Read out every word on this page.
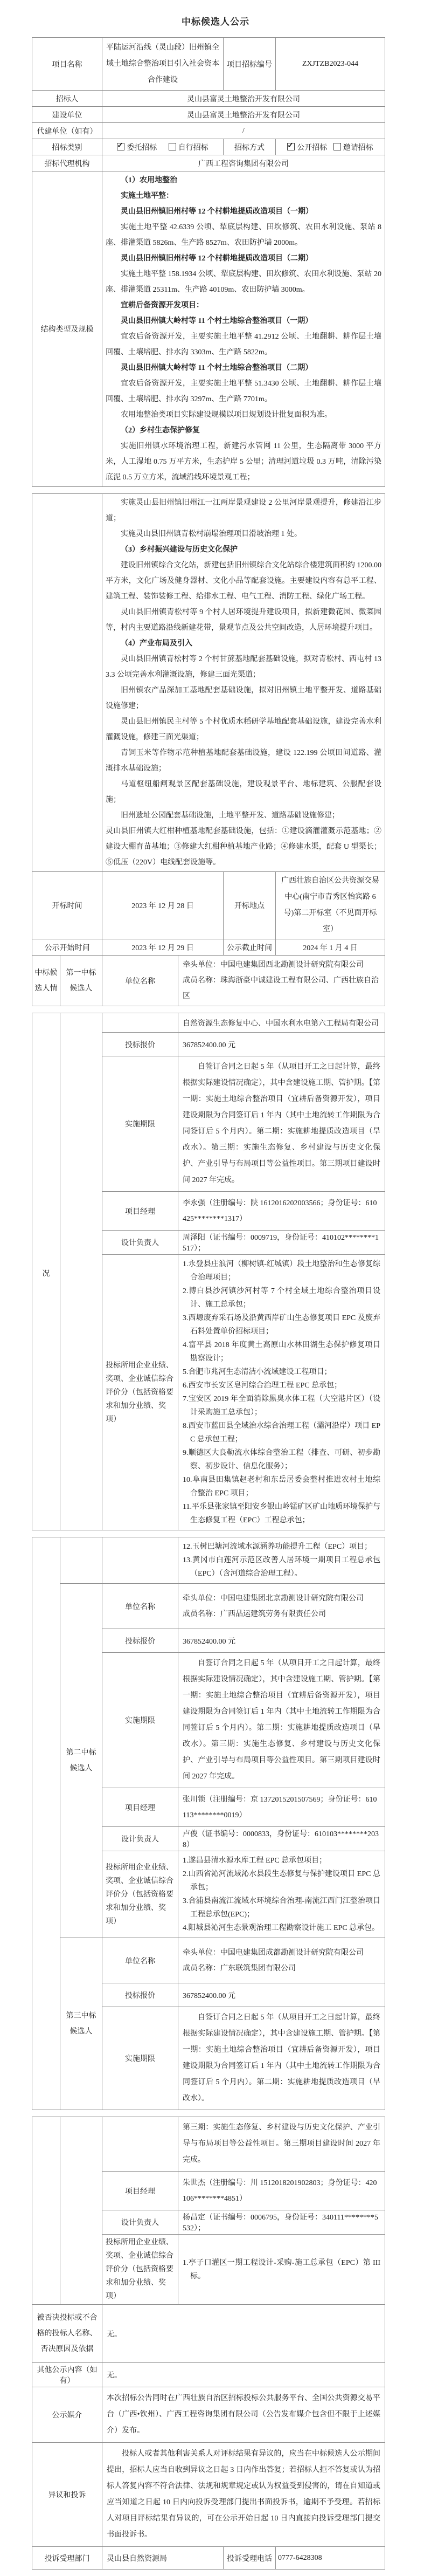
中标候选人公示
项目名称	平陆运河沿线（灵山段）旧州镇全域土地综合整治项目引入社会资本合作建设	项目招标编号	ZXJTZB2023-044
招标人	灵山县富灵土地整治开发有限公司		
建设单位	灵山县富灵土地整治开发有限公司		
代建单位（如有）	/		
招标类别	✓委托招标 自行招标	招标方式	✓公开招标 邀请招标
招标代理机构	广西工程咨询集团有限公司		
结构类型及规模	
（1）农用地整治
实施土地平整：
灵山县旧州镇旧州村等 12 个村耕地提质改造项目（一期）
实施土地平整 42.6339 公顷、犁底层构建、田坎修筑、农田水利设施、泵站 8 座、排灌渠道 5826m、生产路 8527m、农田防护墙 2000m。
灵山县旧州镇旧州村等 12 个村耕地提质改造项目（二期）
实施土地平整 158.1934 公顷、犁底层构建、田坎修筑、农田水利设施、泵站 20 座、排灌渠道 25311m、生产路 40109m、农田防护墙 3000m。
宜耕后备资源开发项目：
灵山县旧州镇大岭村等 11 个村土地综合整治项目（一期）
宜农后备资源开发，主要实施土地平整 41.2912 公顷、土地翻耕、耕作层土壤回覆、土壤培肥、排水沟 3303m、生产路 5822m。
灵山县旧州镇大岭村等 11 个村土地综合整治项目（二期）
宜农后备资源开发，主要实施土地平整 51.3430 公顷、土地翻耕、耕作层土壤回覆、土壤培肥、排水沟 3297m、生产路 7701m。
农用地整治类项目实际建设规模以项目规划设计批复面积为准。
（2）乡村生态保护修复
实施旧州镇水环境治理工程，新建污水管网 11 公里，生态隔离带 3000 平方米，人工湿地 0.75 万平方米，生态护岸 5 公里；清理河道垃圾 0.3 万吨，清除污染底泥 0.5 万立方米，流域沿线环境景观工程；

实施灵山县旧州镇旧州江一江两岸景观建设 2 公里河岸景观提升，修建沿江步道；
实施灵山县旧州镇青松村崩塌治理项目滑坡治理 1 处。
（3）乡村振兴建设与历史文化保护
建设旧州镇综合文化站，新建包括旧州镇综合文化站综合楼建筑面积约 1200.00 平方米，文化广场及健身器材、文化小品等配套设施。主要建设内容有总平工程、建筑工程、装饰装修工程、给排水工程、电气工程、消防工程、绿化广场工程。
灵山县旧州镇青松村等 9 个村人居环境提升建设项目，拟新建微花园、微菜园等，村内主要道路沿线新建花带，景观节点及公共空间改造，人居环境提升项目。
（4）产业布局及引入
灵山县旧州镇青松村等 2 个村甘蔗基地配套基础设施，拟对青松村、西屯村 133.3 公顷完善水利灌溉设施，修建三面光渠道；
旧州镇农产品深加工基地配套基础设施，拟对旧州镇土地平整开发、道路基础设施修建；
灵山县旧州镇民主村等 5 个村优质水稻研学基地配套基础设施，建设完善水利灌溉设施，修建三面光渠道；
青饲玉米等作物示范种植基地配套基础设施，建设 122.199 公顷田间道路、灌溉排水基础设施；
马道枢纽船闸观景区配套基础设施，建设观景平台、地标建筑、公服配套设施；
旧州遗址公园配套基础设施，土地平整开发、道路基础设施修建；
灵山县旧州镇大红柑种植基地配套基础设施，包括：①建设滴灌灌溉示范基地；②建设大棚育苗基地；③修建大红柑种植基地产业路；④修建水渠，配套 U 型渠长；⑤低压（220V）电线配套设施等。

开标时间		2023 年 12 月 28 日		开标地点	广西壮族自治区公共资源交易中心(南宁市青秀区怡宾路 6 号)第二开标室（不见面开标室）
公示开始时间		2023 年 12 月 29 日		公示截止时间	2024 年 1 月 4 日
中标候选人情	第一中标候选人	单位名称	牵头单位：中国电建集团西北勘测设计研究院有限公司
成员名称：珠海浙豪中诚建设工程有限公司、广西壮族自治区		
况			自然资源生态修复中心、中国水利水电第六工程局有限公司
		投标报价	367852400.00 元
		实施期限	自签订合同之日起 5 年（从项目开工之日起计算，最终根据实际建设情况确定），其中含建设施工期、管护期。【第一期：实施土地综合整治项目（宜耕后备资源开发），项目建设期限为合同签订后 1 年内（其中土地流转工作期限为合同签订后 5 个月内）。第二期：实施耕地提质改造项目（旱改水）。第三期：实施生态修复、乡村建设与历史文化保护、产业引导与布局项目等公益性项目。第三期项目建设时间 2027 年完成。
		项目经理	李永强（注册编号：陕 1612016202003566；身份证号：610425********1317）
		设计负责人	周泽阳（证书编号：0009719，身份证号：410102********1517）；
投标所用企业业绩、奖项、企业诚信综合评价分（包括资格要求和加分业绩、奖项）	
1.永登县庄浪河（柳树镇-红城镇）段土地整治和生态修复综合治理项目；
2.博白县沙河镇沙河村等 7 个村全域土地综合整治项目设计、施工总承包；
3.西塬废弃采石场及沿黄西岸矿山生态修复项目 EPC 及废弃石料处置单价招标项目；
4.富平县 2018 年度黄土高原山水林田湖生态保护修复项目勘察设计；
5.合肥市兆河生态清洁小流域建设工程项目；
6.西安市长安区皂河综合治理工程 EPC 总承包；
7.宝安区 2019 年全面消除黑臭水体工程（大空港片区）（设计采购施工总承包）；
8.西安市蓝田县全域治水综合治理工程（灞河沿岸）项目 EPC 总承包工程；
9.顺德区大良勒流水体综合整治工程（排查、可研、初步勘察、初步设计、信息化服务）；
10.阜南县田集镇赵老村和东岳居委会整村推进农村土地综合整治 EPC 项目；
11.平乐县张家镇至阳安乡银山岭锰矿区矿山地质环境保护与生态修复工程（EPC）工程总承包；

			12.玉树巴塘河流域水源涵养功能提升工程（EPC）项目；
13.黄冈市白莲河示范区改善人居环境一期项目工程总承包（EPC）（含河道综合治理工程）。

	第二中标候选人	单位名称	牵头单位：中国电建集团北京勘测设计研究院有限公司
成员名称：广西品运建筑劳务有限责任公司

		投标报价	367852400.00 元
		实施期限	自签订合同之日起 5 年（从项目开工之日起计算，最终根据实际建设情况确定），其中含建设施工期、管护期。【第一期：实施土地综合整治项目（宜耕后备资源开发），项目建设期限为合同签订后 1 年内（其中土地流转工作期限为合同签订后 5 个月内）。第二期：实施耕地提质改造项目（旱改水）。第三期：实施生态修复、乡村建设与历史文化保护、产业引导与布局项目等公益性项目。第三期项目建设时间 2027 年完成。
		项目经理	张川锁（注册编号：京 1372015201507569；身份证号：610113********0019）
		设计负责人	卢俊（证书编号：0000833，身份证号：610103********2038）
		投标所用企业业绩、奖项、企业诚信综合评价分（包括资格要求和加分业绩、奖项）	1.遂昌县清水源水库工程 EPC 总承包项目；
2.山西省沁河流域沁水县段生态修复与保护建设项目 EPC 总承包；
3.合浦县南流江流域水环境综合治理-南流江西门江整治项目工程总承包(EPC)；
4.阳城县沁河生态景观治理工程勘察设计施工 EPC 总承包。

	第三中标候选人	单位名称	牵头单位：中国电建集团成都勘测设计研究院有限公司
成员名称：广东联筑集团有限公司

		投标报价	367852400.00 元
		实施期限	自签订合同之日起 5 年（从项目开工之日起计算，最终根据实际建设情况确定），其中含建设施工期、管护期。【第一期：实施土地综合整治项目（宜耕后备资源开发），项目建设期限为合同签订后 1 年内（其中土地流转工作期限为合同签订后 5 个月内）。第二期：实施耕地提质改造项目（旱改水）。
			第三期：实施生态修复、乡村建设与历史文化保护、产业引导与布局项目等公益性项目。第三期项目建设时间 2027 年完成。
		项目经理	朱世杰（注册编号：川 1512018201902803；身份证号：420106********4851）
		设计负责人	杨昌定（证书编号：0006795，身份证号：340111********5532）；
		投标所用企业业绩、奖项、企业诚信综合评价分（包括资格要求和加分业绩、奖项）	1.亭子口灌区一期工程设计-采购-施工总承包（EPC）第 III 标。
被否决投标或不合格的投标人名称、否决原因及依据	无。		
其他公示内容（如有）	无。		
公示媒介	本次招标公告同时在广西壮族自治区招标投标公共服务平台、全国公共资源交易平台（广西•钦州）、广西工程咨询集团有限公司（公告发布媒介包含但不限于上述媒介）发布。		
异议和投诉	投标人或者其他利害关系人对评标结果有异议的，应当在中标候选人公示期间提出，招标人应当自收到异议之日起 3 日内作出答复；若招标人拒不答复或认为招标人答复内容不符合法律、法规和规章规定或认为权益受到侵害的，请在自知道或应当知道之日起 10 日内向投诉受理部门提出书面投诉书，逾期不予受理。若招标人对项目评标结果有异议的，可在公示开始日起 10 日内直接向投诉受理部门提交书面投诉书。		
投诉受理部门	灵山县自然资源局	投诉受理电话	0777-6428308
